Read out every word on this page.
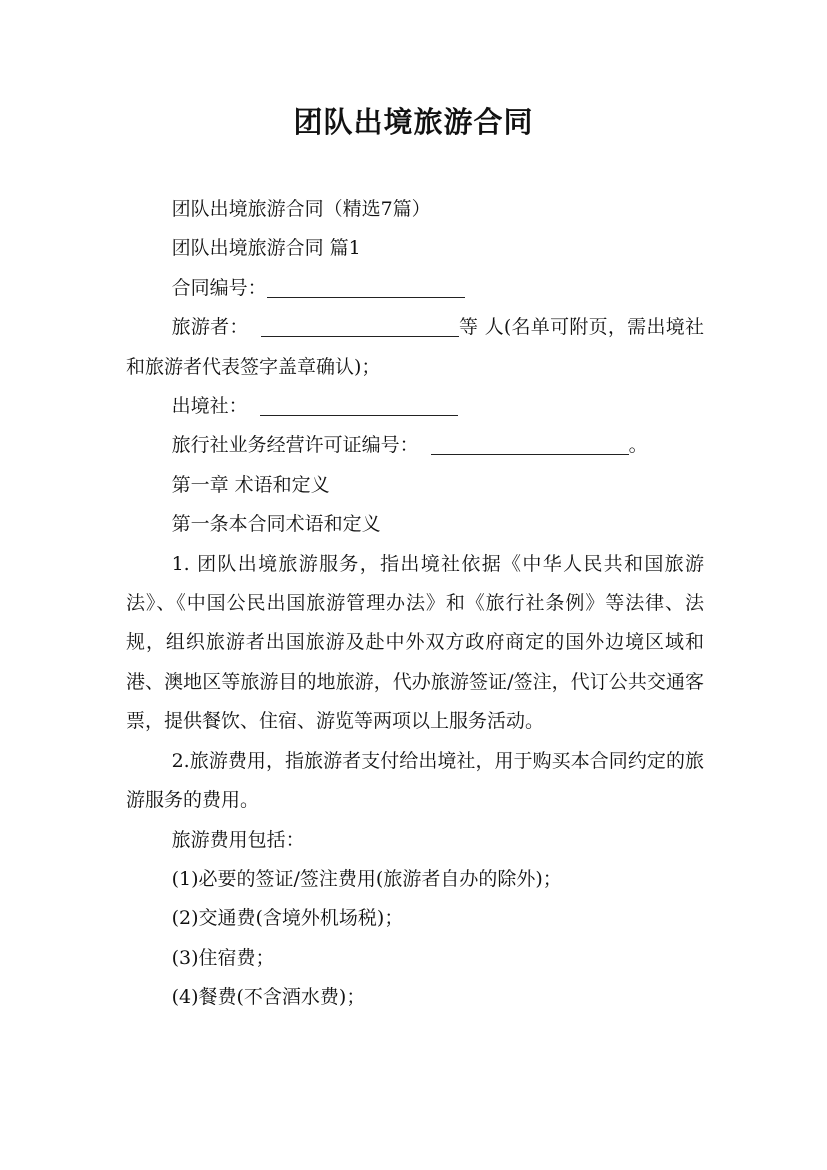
团队出境旅游合同

团队出境旅游合同（精选7篇）

团队出境旅游合同 篇1

合同编号：

旅游者：	等 人(名单可附页，需出境社和旅游者代表签字盖章确认)；

出境社：

旅行社业务经营许可证编号：	。

第一章 术语和定义

第一条本合同术语和定义

1. 团队出境旅游服务，指出境社依据《中华人民共和国旅游法》、《中国公民出国旅游管理办法》和《旅行社条例》等法律、法规，组织旅游者出国旅游及赴中外双方政府商定的国外边境区域和港、澳地区等旅游目的地旅游，代办旅游签证/签注，代订公共交通客票，提供餐饮、住宿、游览等两项以上服务活动。

2.旅游费用，指旅游者支付给出境社，用于购买本合同约定的旅游服务的费用。

旅游费用包括：

(1)必要的签证/签注费用(旅游者自办的除外)；

(2)交通费(含境外机场税)；

(3)住宿费；

(4)餐费(不含酒水费)；
